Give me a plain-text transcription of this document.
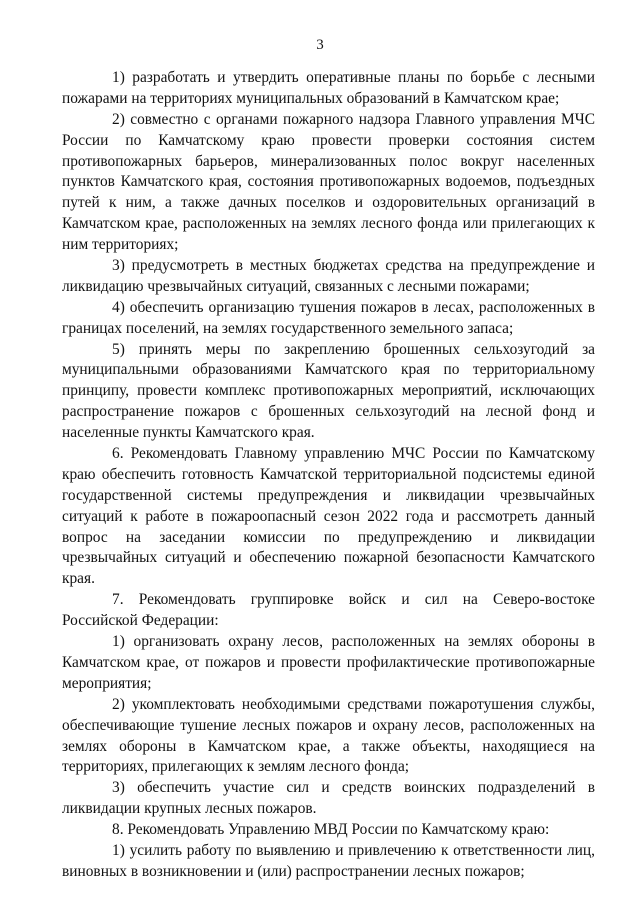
3
1) разработать и утвердить оперативные планы по борьбе с лесными
пожарами на территориях муниципальных образований в Камчатском крае;
2) совместно с органами пожарного надзора Главного управления МЧС
России по Камчатскому краю провести проверки состояния систем
противопожарных барьеров, минерализованных полос вокруг населенных
пунктов Камчатского края, состояния противопожарных водоемов, подъездных
путей к ним, а также дачных поселков и оздоровительных организаций в
Камчатском крае, расположенных на землях лесного фонда или прилегающих к
ним территориях;
3) предусмотреть в местных бюджетах средства на предупреждение и
ликвидацию чрезвычайных ситуаций, связанных с лесными пожарами;
4) обеспечить организацию тушения пожаров в лесах, расположенных в
границах поселений, на землях государственного земельного запаса;
5) принять меры по закреплению брошенных сельхозугодий за
муниципальными образованиями Камчатского края по территориальному
принципу, провести комплекс противопожарных мероприятий, исключающих
распространение пожаров с брошенных сельхозугодий на лесной фонд и
населенные пункты Камчатского края.
6. Рекомендовать Главному управлению МЧС России по Камчатскому
краю обеспечить готовность Камчатской территориальной подсистемы единой
государственной системы предупреждения и ликвидации чрезвычайных
ситуаций к работе в пожароопасный сезон 2022 года и рассмотреть данный
вопрос на заседании комиссии по предупреждению и ликвидации
чрезвычайных ситуаций и обеспечению пожарной безопасности Камчатского
края.
7. Рекомендовать группировке войск и сил на Северо-востоке
Российской Федерации:
1) организовать охрану лесов, расположенных на землях обороны в
Камчатском крае, от пожаров и провести профилактические противопожарные
мероприятия;
2) укомплектовать необходимыми средствами пожаротушения службы,
обеспечивающие тушение лесных пожаров и охрану лесов, расположенных на
землях обороны в Камчатском крае, а также объекты, находящиеся на
территориях, прилегающих к землям лесного фонда;
3) обеспечить участие сил и средств воинских подразделений в
ликвидации крупных лесных пожаров.
8. Рекомендовать Управлению МВД России по Камчатскому краю:
1) усилить работу по выявлению и привлечению к ответственности лиц,
виновных в возникновении и (или) распространении лесных пожаров;
